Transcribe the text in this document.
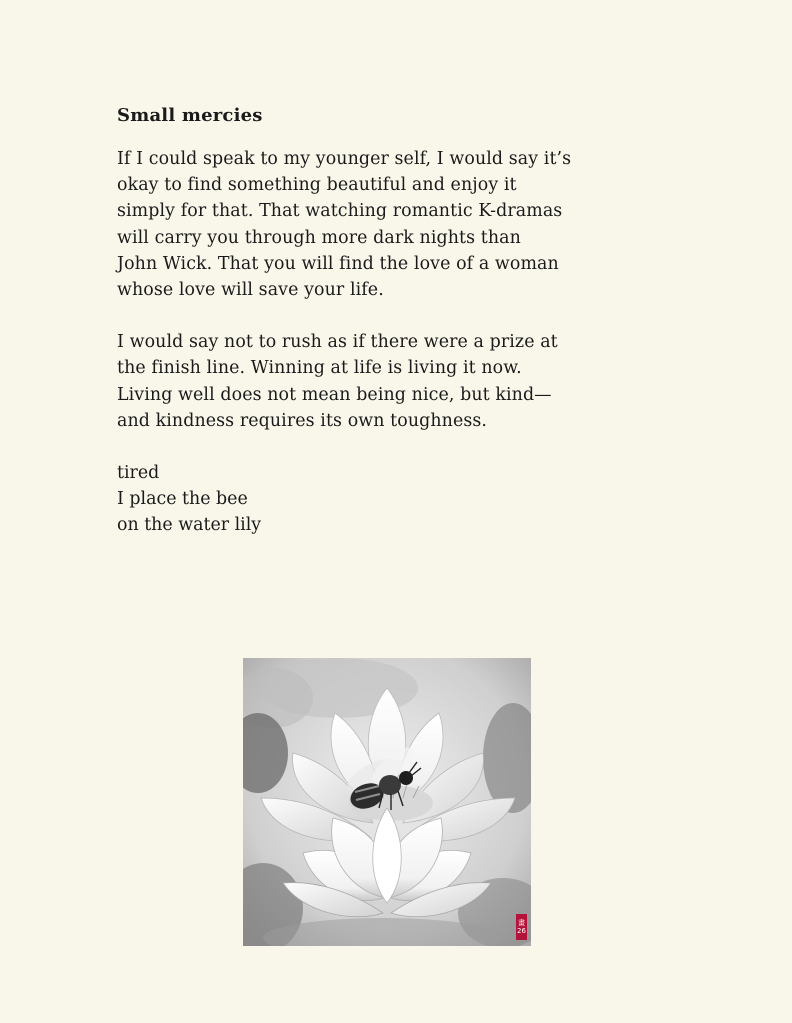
Small mercies
If I could speak to my younger self, I would say it’s
okay to find something beautiful and enjoy it
simply for that. That watching romantic K-dramas
will carry you through more dark nights than
John Wick. That you will find the love of a woman
whose love will save your life.
I would say not to rush as if there were a prize at
the finish line. Winning at life is living it now.
Living well does not mean being nice, but kind—
and kindness requires its own toughness.
tired
I place the bee
on the water lily
畫
26
